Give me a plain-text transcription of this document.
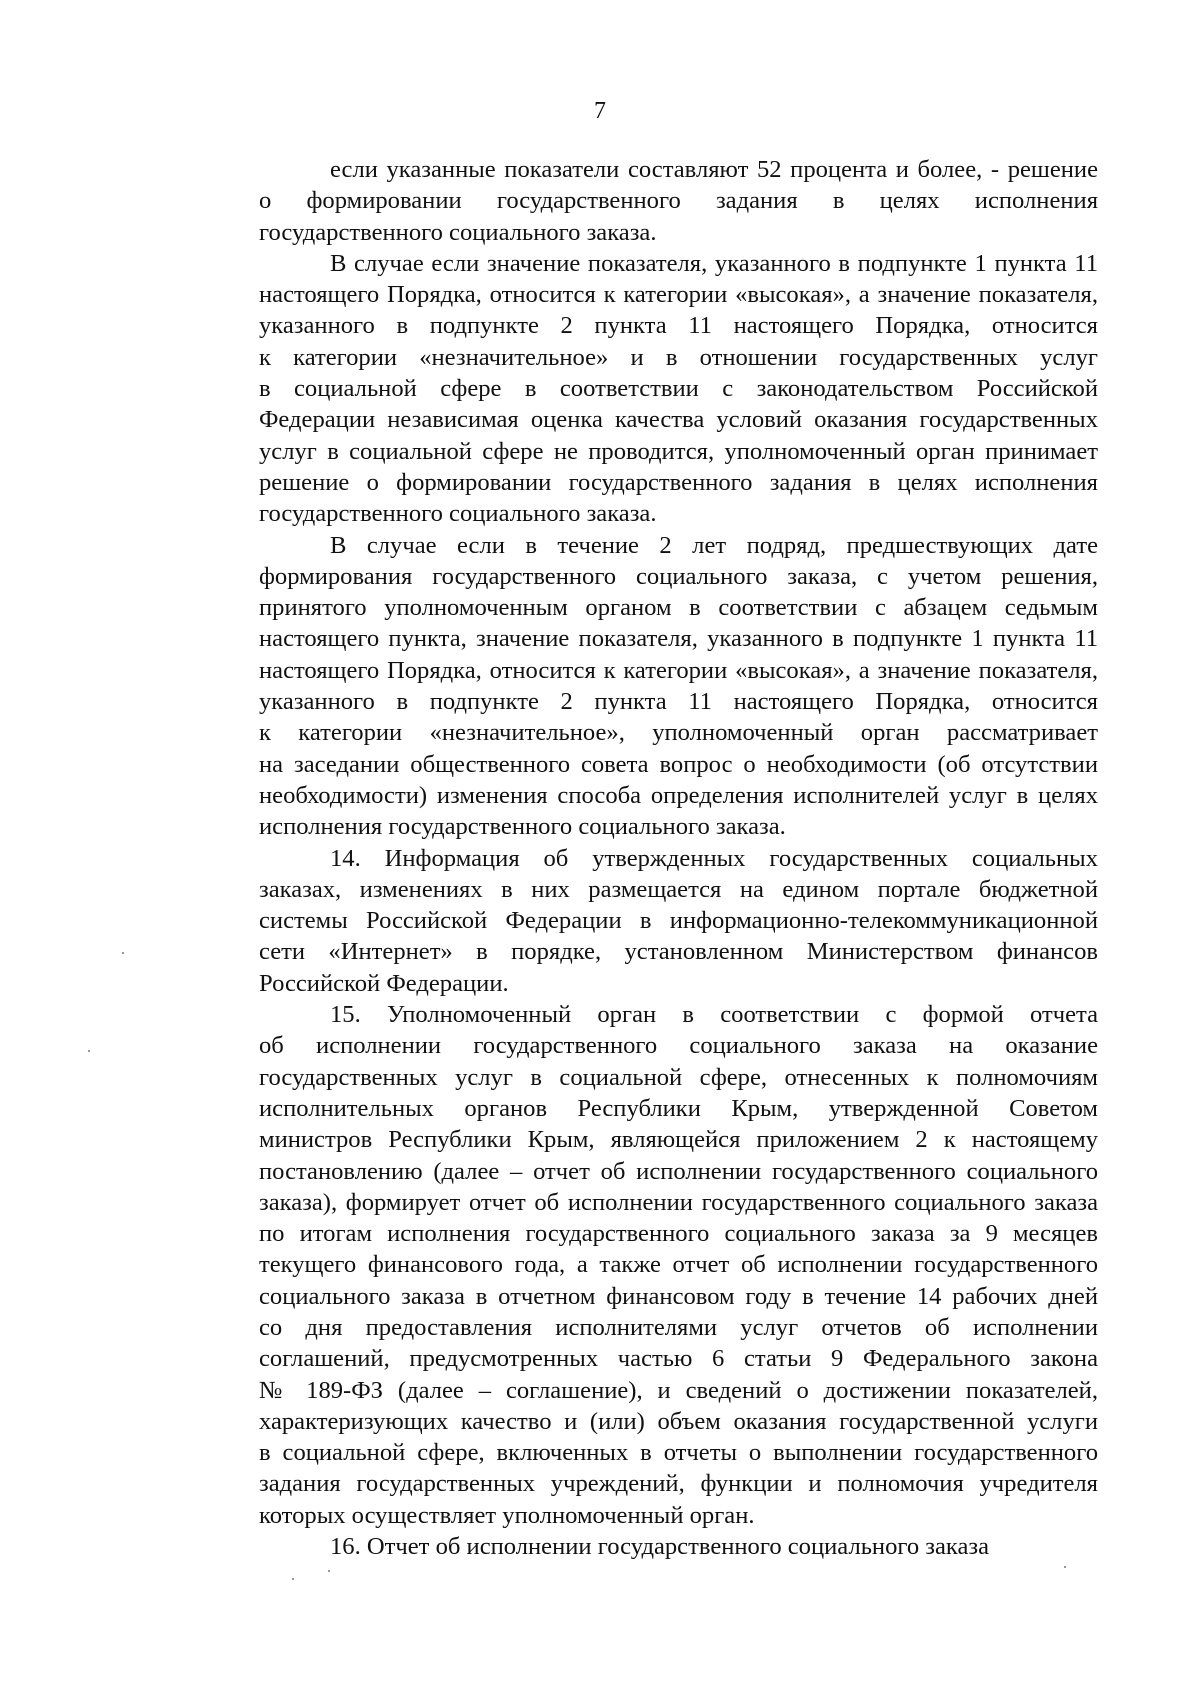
7
если указанные показатели составляют 52 процента и более, - решение
о формировании государственного задания в целях исполнения
государственного социального заказа.
В случае если значение показателя, указанного в подпункте 1 пункта 11
настоящего Порядка, относится к категории «высокая», а значение показателя,
указанного в подпункте 2 пункта 11 настоящего Порядка, относится
к категории «незначительное» и в отношении государственных услуг
в социальной сфере в соответствии с законодательством Российской
Федерации независимая оценка качества условий оказания государственных
услуг в социальной сфере не проводится, уполномоченный орган принимает
решение о формировании государственного задания в целях исполнения
государственного социального заказа.
В случае если в течение 2 лет подряд, предшествующих дате
формирования государственного социального заказа, с учетом решения,
принятого уполномоченным органом в соответствии с абзацем седьмым
настоящего пункта, значение показателя, указанного в подпункте 1 пункта 11
настоящего Порядка, относится к категории «высокая», а значение показателя,
указанного в подпункте 2 пункта 11 настоящего Порядка, относится
к категории «незначительное», уполномоченный орган рассматривает
на заседании общественного совета вопрос о необходимости (об отсутствии
необходимости) изменения способа определения исполнителей услуг в целях
исполнения государственного социального заказа.
14. Информация об утвержденных государственных социальных
заказах, изменениях в них размещается на едином портале бюджетной
системы Российской Федерации в информационно-телекоммуникационной
сети «Интернет» в порядке, установленном Министерством финансов
Российской Федерации.
15. Уполномоченный орган в соответствии с формой отчета
об исполнении государственного социального заказа на оказание
государственных услуг в социальной сфере, отнесенных к полномочиям
исполнительных органов Республики Крым, утвержденной Советом
министров Республики Крым, являющейся приложением 2 к настоящему
постановлению (далее – отчет об исполнении государственного социального
заказа), формирует отчет об исполнении государственного социального заказа
по итогам исполнения государственного социального заказа за 9 месяцев
текущего финансового года, а также отчет об исполнении государственного
социального заказа в отчетном финансовом году в течение 14 рабочих дней
со дня предоставления исполнителями услуг отчетов об исполнении
соглашений, предусмотренных частью 6 статьи 9 Федерального закона
№ 189-ФЗ (далее – соглашение), и сведений о достижении показателей,
характеризующих качество и (или) объем оказания государственной услуги
в социальной сфере, включенных в отчеты о выполнении государственного
задания государственных учреждений, функции и полномочия учредителя
которых осуществляет уполномоченный орган.
16. Отчет об исполнении государственного социального заказа
